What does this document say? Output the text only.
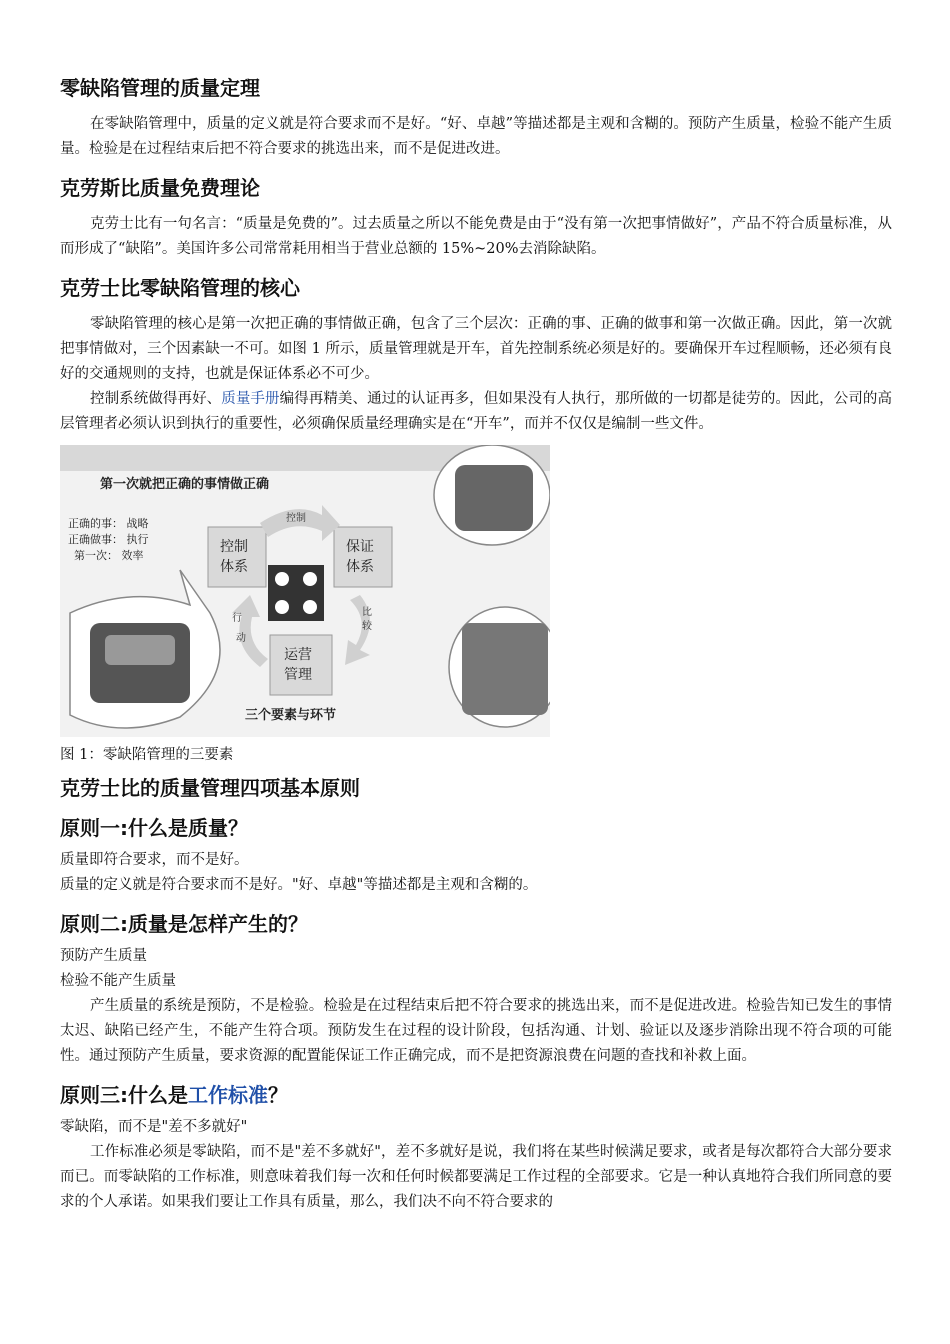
零缺陷管理的质量定理

在零缺陷管理中，质量的定义就是符合要求而不是好。“好、卓越”等描述都是主观和含糊的。预防产生质量，检验不能产生质量。检验是在过程结束后把不符合要求的挑选出来，而不是促进改进。

克劳斯比质量免费理论

克劳士比有一句名言：“质量是免费的”。过去质量之所以不能免费是由于“没有第一次把事情做好”，产品不符合质量标准，从而形成了“缺陷”。美国许多公司常常耗用相当于营业总额的 15%~20%去消除缺陷。

克劳士比零缺陷管理的核心

零缺陷管理的核心是第一次把正确的事情做正确，包含了三个层次：正确的事、正确的做事和第一次做正确。因此，第一次就把事情做对，三个因素缺一不可。如图 1 所示，质量管理就是开车，首先控制系统必须是好的。要确保开车过程顺畅，还必须有良好的交通规则的支持，也就是保证体系必不可少。

控制系统做得再好、质量手册编得再精美、通过的认证再多，但如果没有人执行，那所做的一切都是徒劳的。因此，公司的高层管理者必须认识到执行的重要性，必须确保质量经理确实是在“开车”，而并不仅仅是编制一些文件。

第一次就把正确的事情做正确
正确的事： 战略
正确做事： 执行
第一次： 效率
控制
体系
保证
体系
运营
管理
控制
比
较
行
动
三个要素与环节
图 1：零缺陷管理的三要素
克劳士比的质量管理四项基本原则
原则一:什么是质量？

质量即符合要求，而不是好。

质量的定义就是符合要求而不是好。"好、卓越"等描述都是主观和含糊的。

原则二:质量是怎样产生的？

预防产生质量

检验不能产生质量

产生质量的系统是预防，不是检验。检验是在过程结束后把不符合要求的挑选出来，而不是促进改进。检验告知已发生的事情太迟、缺陷已经产生，不能产生符合项。预防发生在过程的设计阶段，包括沟通、计划、验证以及逐步消除出现不符合项的可能性。通过预防产生质量，要求资源的配置能保证工作正确完成，而不是把资源浪费在问题的查找和补救上面。

原则三:什么是工作标准？

零缺陷，而不是"差不多就好"

工作标准必须是零缺陷，而不是"差不多就好"，差不多就好是说，我们将在某些时候满足要求，或者是每次都符合大部分要求而已。而零缺陷的工作标准，则意味着我们每一次和任何时候都要满足工作过程的全部要求。它是一种认真地符合我们所同意的要求的个人承诺。如果我们要让工作具有质量，那么，我们决不向不符合要求的
